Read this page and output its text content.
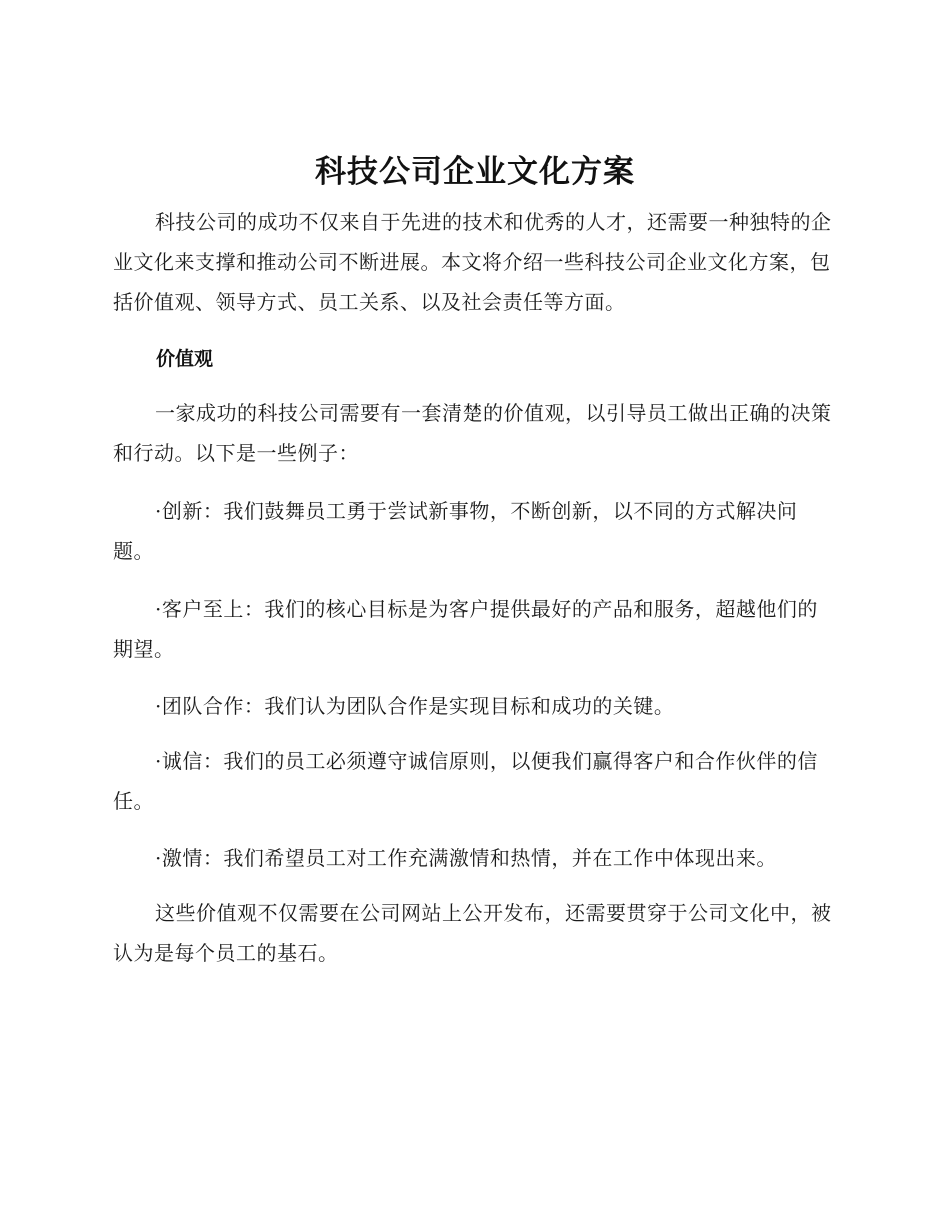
科技公司企业文化方案

科技公司的成功不仅来自于先进的技术和优秀的人才，还需要一种独特的企业文化来支撑和推动公司不断进展。本文将介绍一些科技公司企业文化方案，包括价值观、领导方式、员工关系、以及社会责任等方面。

价值观

一家成功的科技公司需要有一套清楚的价值观，以引导员工做出正确的决策和行动。以下是一些例子：

·创新：我们鼓舞员工勇于尝试新事物，不断创新，以不同的方式解决问题。

·客户至上：我们的核心目标是为客户提供最好的产品和服务，超越他们的期望。

·团队合作：我们认为团队合作是实现目标和成功的关键。

·诚信：我们的员工必须遵守诚信原则，以便我们赢得客户和合作伙伴的信任。

·激情：我们希望员工对工作充满激情和热情，并在工作中体现出来。

这些价值观不仅需要在公司网站上公开发布，还需要贯穿于公司文化中，被认为是每个员工的基石。
